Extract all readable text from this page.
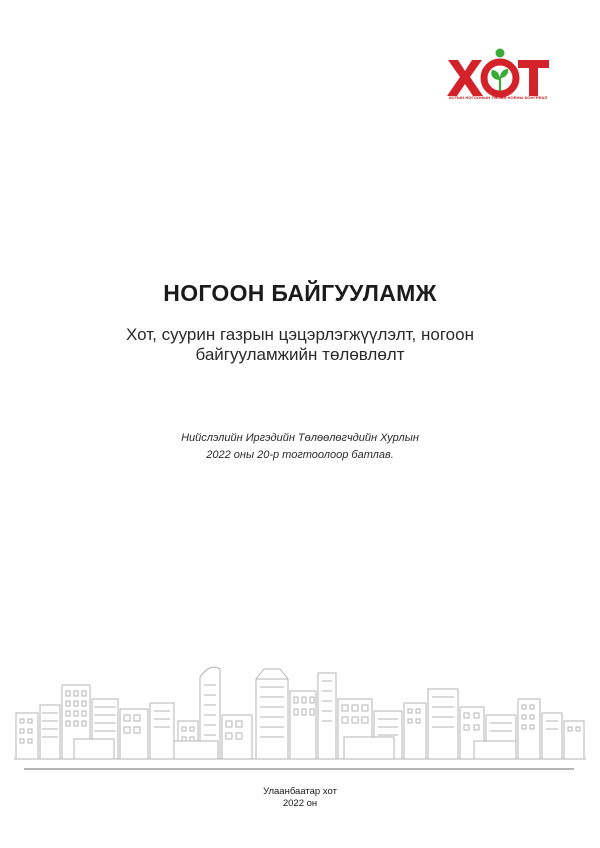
ХОТЫН НОГООНЫН ТӨЛӨВ НОЕНЫ КОНГРЕАЛ
НОГООН БАЙГУУЛАМЖ
Хот, суурин газрын цэцэрлэгжүүлэлт, ногоон
байгууламжийн төлөвлөлт
Нийслэлийн Иргэдийн Төлөөлөгчдийн Хурлын
2022 оны 20-р тогтоолоор батлав.
Улаанбаатар хот
2022 он
